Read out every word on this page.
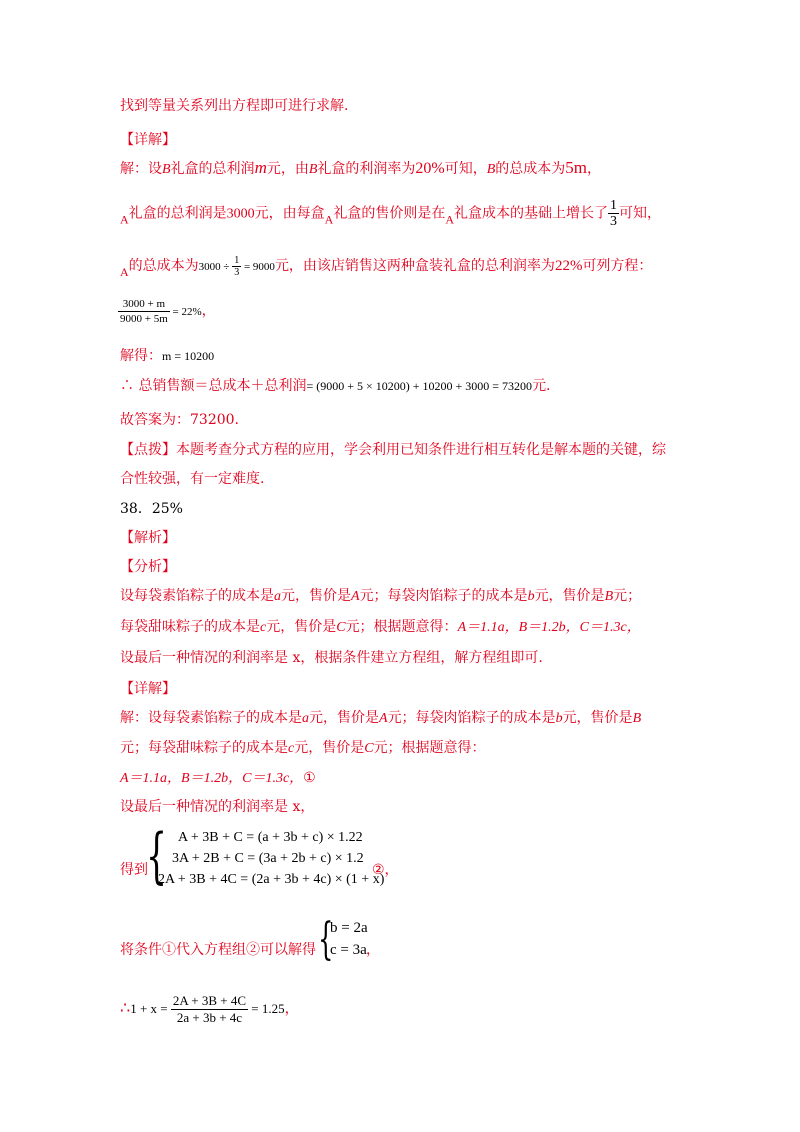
找到等量关系列出方程即可进行求解.
【详解】
解：设B礼盒的总利润m元，由B礼盒的利润率为20%可知，B的总成本为5m，
A礼盒的总利润是3000元，由每盒A礼盒的售价则是在A礼盒成本的基础上增长了 $\frac{1}{3}$ 可知，
A的总成本为$3000 \div \frac{1}{3} = 9000$元，由该店销售这两种盒装礼盒的总利润率为22%可列方程：
$\frac{3000 + m}{9000 + 5m} = 22\%$，
解得：m = 10200
∴ 总销售额＝总成本＋总利润= (9000 + 5 × 10200) + 10200 + 3000 = 73200元.
故答案为：73200.
【点拨】本题考查分式方程的应用，学会利用已知条件进行相互转化是解本题的关键，综
合性较强，有一定难度.
38．25%
【解析】
【分析】
设每袋素馅粽子的成本是a元，售价是A元；每袋肉馅粽子的成本是b元，售价是B元；
每袋甜味粽子的成本是c元，售价是C元；根据题意得：A＝1.1a，B＝1.2b，C＝1.3c，
设最后一种情况的利润率是 x，根据条件建立方程组，解方程组即可.
【详解】
解：设每袋素馅粽子的成本是a元，售价是A元；每袋肉馅粽子的成本是b元，售价是B
元；每袋甜味粽子的成本是c元，售价是C元；根据题意得：
A＝1.1a，B＝1.2b，C＝1.3c，①
设最后一种情况的利润率是 x，
得到
{ A + 3B + C = (a + 3b + c) × 1.22
3A + 2B + C = (3a + 2b + c) × 1.2
2A + 3B + 4C = (2a + 3b + 4c) × (1 + x)
②，
将条件①代入方程组②可以解得 {
b = 2a
c = 3a ，
∴1 + $x = \frac{2A + 3B + 4C}{2a + 3b + 4c} = 1.25$，
